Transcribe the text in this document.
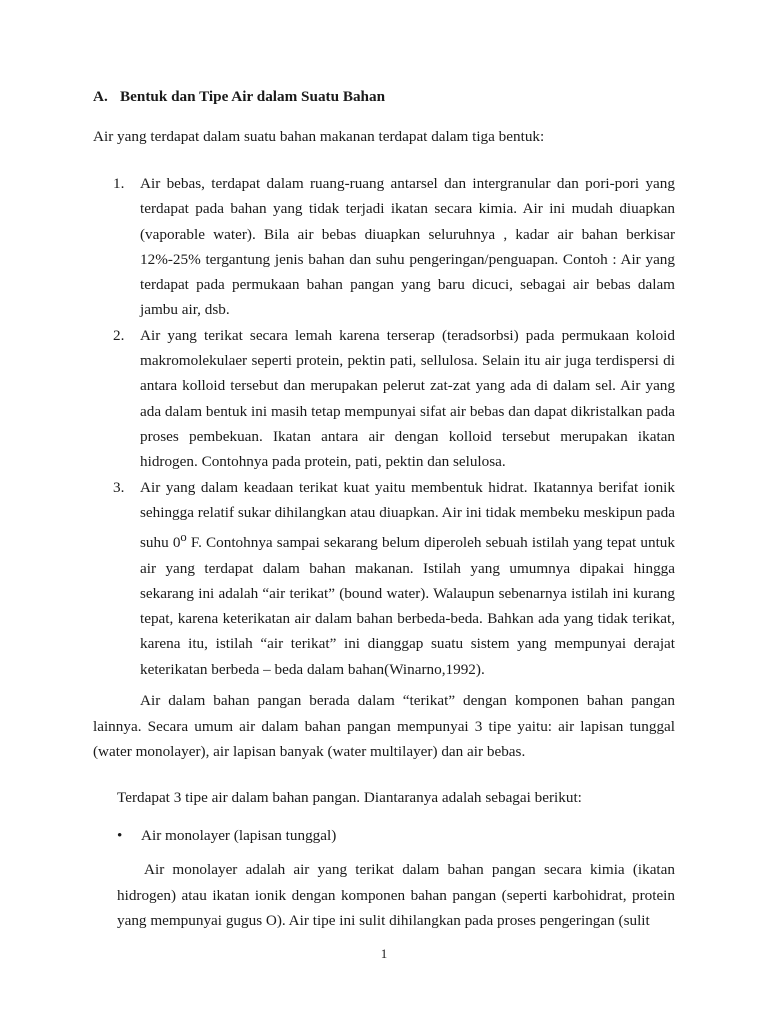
A. Bentuk dan Tipe Air dalam Suatu Bahan
Air yang terdapat dalam suatu bahan makanan terdapat dalam tiga bentuk:
1. Air bebas, terdapat dalam ruang-ruang antarsel dan intergranular dan pori-pori yang terdapat pada bahan yang tidak terjadi ikatan secara kimia. Air ini mudah diuapkan (vaporable water). Bila air bebas diuapkan seluruhnya , kadar air bahan berkisar 12%-25% tergantung jenis bahan dan suhu pengeringan/penguapan. Contoh : Air yang terdapat pada permukaan bahan pangan yang baru dicuci, sebagai air bebas dalam jambu air, dsb.
2. Air yang terikat secara lemah karena terserap (teradsorbsi) pada permukaan koloid makromolekulaer seperti protein, pektin pati, sellulosa. Selain itu air juga terdispersi di antara kolloid tersebut dan merupakan pelerut zat-zat yang ada di dalam sel. Air yang ada dalam bentuk ini masih tetap mempunyai sifat air bebas dan dapat dikristalkan pada proses pembekuan. Ikatan antara air dengan kolloid tersebut merupakan ikatan hidrogen. Contohnya pada protein, pati, pektin dan selulosa.
3. Air yang dalam keadaan terikat kuat yaitu membentuk hidrat. Ikatannya berifat ionik sehingga relatif sukar dihilangkan atau diuapkan. Air ini tidak membeku meskipun pada suhu 0$^o$ F. Contohnya sampai sekarang belum diperoleh sebuah istilah yang tepat untuk air yang terdapat dalam bahan makanan. Istilah yang umumnya dipakai hingga sekarang ini adalah “air terikat” (bound water). Walaupun sebenarnya istilah ini kurang tepat, karena keterikatan air dalam bahan berbeda-beda. Bahkan ada yang tidak terikat, karena itu, istilah “air terikat” ini dianggap suatu sistem yang mempunyai derajat keterikatan berbeda – beda dalam bahan(Winarno,1992).
Air dalam bahan pangan berada dalam “terikat” dengan komponen bahan pangan lainnya. Secara umum air dalam bahan pangan mempunyai 3 tipe yaitu: air lapisan tunggal (water monolayer), air lapisan banyak (water multilayer) dan air bebas.
Terdapat 3 tipe air dalam bahan pangan. Diantaranya adalah sebagai berikut:
• Air monolayer (lapisan tunggal)
Air monolayer adalah air yang terikat dalam bahan pangan secara kimia (ikatan hidrogen) atau ikatan ionik dengan komponen bahan pangan (seperti karbohidrat, protein yang mempunyai gugus O). Air tipe ini sulit dihilangkan pada proses pengeringan (sulit
1
